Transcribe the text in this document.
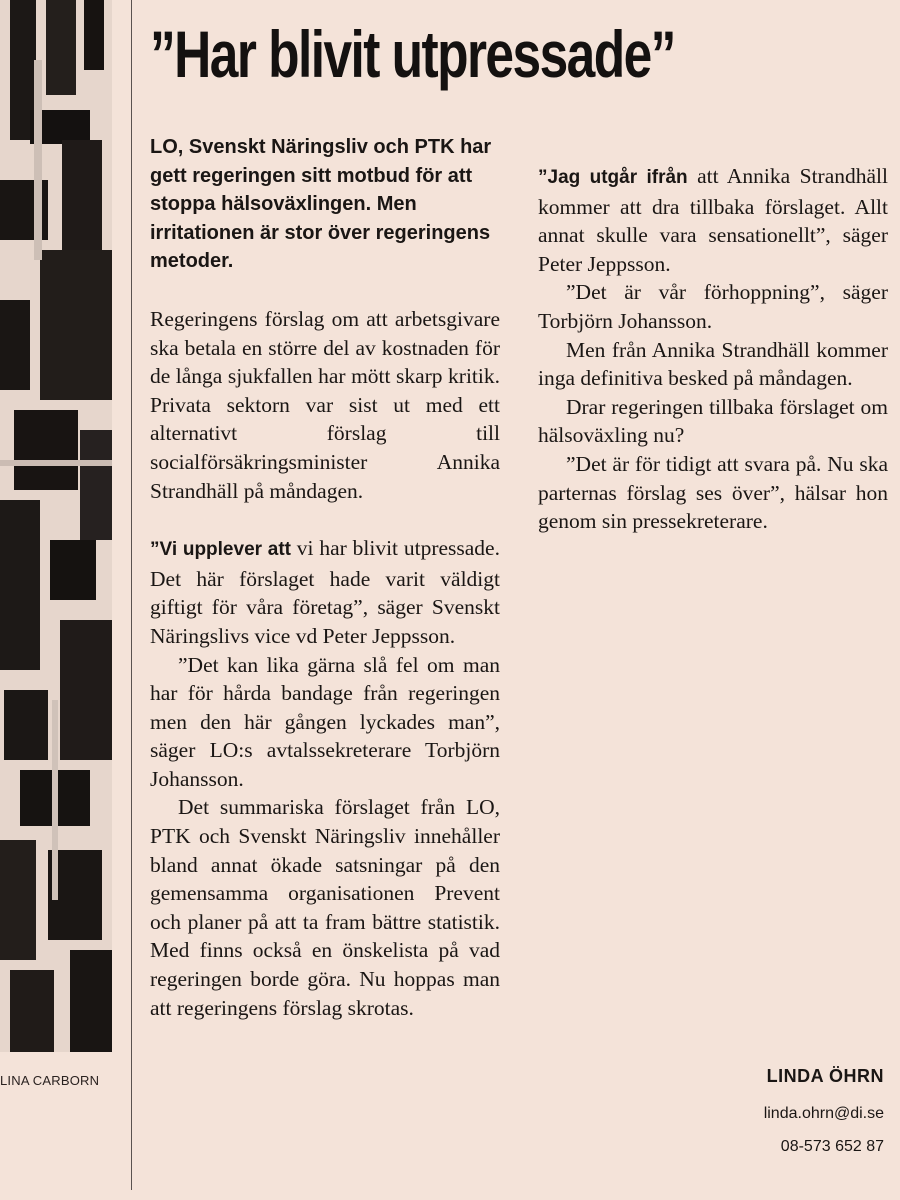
LINA CARBORN
”Har blivit utpressade”

LO, Svenskt Näringsliv och PTK har gett regeringen sitt motbud för att stoppa hälsoväxlingen. Men irritationen är stor över regeringens metoder.

Regeringens förslag om att arbetsgivare ska betala en större del av kostnaden för de långa sjukfallen har mött skarp kritik. Privata sektorn var sist ut med ett alternativt förslag till socialförsäkringsminister Annika Strandhäll på måndagen.

”Vi upplever att vi har blivit utpressade. Det här förslaget hade varit väldigt giftigt för våra företag”, säger Svenskt Näringslivs vice vd Peter Jeppsson.

”Det kan lika gärna slå fel om man har för hårda bandage från regeringen men den här gången lyckades man”, säger LO:s avtalssekreterare Torbjörn Johansson.

Det summariska förslaget från LO, PTK och Svenskt Näringsliv innehåller bland annat ökade satsningar på den gemensamma organisationen Prevent och planer på att ta fram bättre statistik. Med finns också en önskelista på vad regeringen borde göra. Nu hoppas man att regeringens förslag skrotas.

”Jag utgår ifrån att Annika Strandhäll kommer att dra tillbaka förslaget. Allt annat skulle vara sensationellt”, säger Peter Jeppsson.

”Det är vår förhoppning”, säger Torbjörn Johansson.

Men från Annika Strandhäll kommer inga definitiva besked på måndagen.

Drar regeringen tillbaka förslaget om hälsoväxling nu?

”Det är för tidigt att svara på. Nu ska parternas förslag ses över”, hälsar hon genom sin pressekreterare.

LINDA ÖHRN
linda.ohrn@di.se
08-573 652 87
